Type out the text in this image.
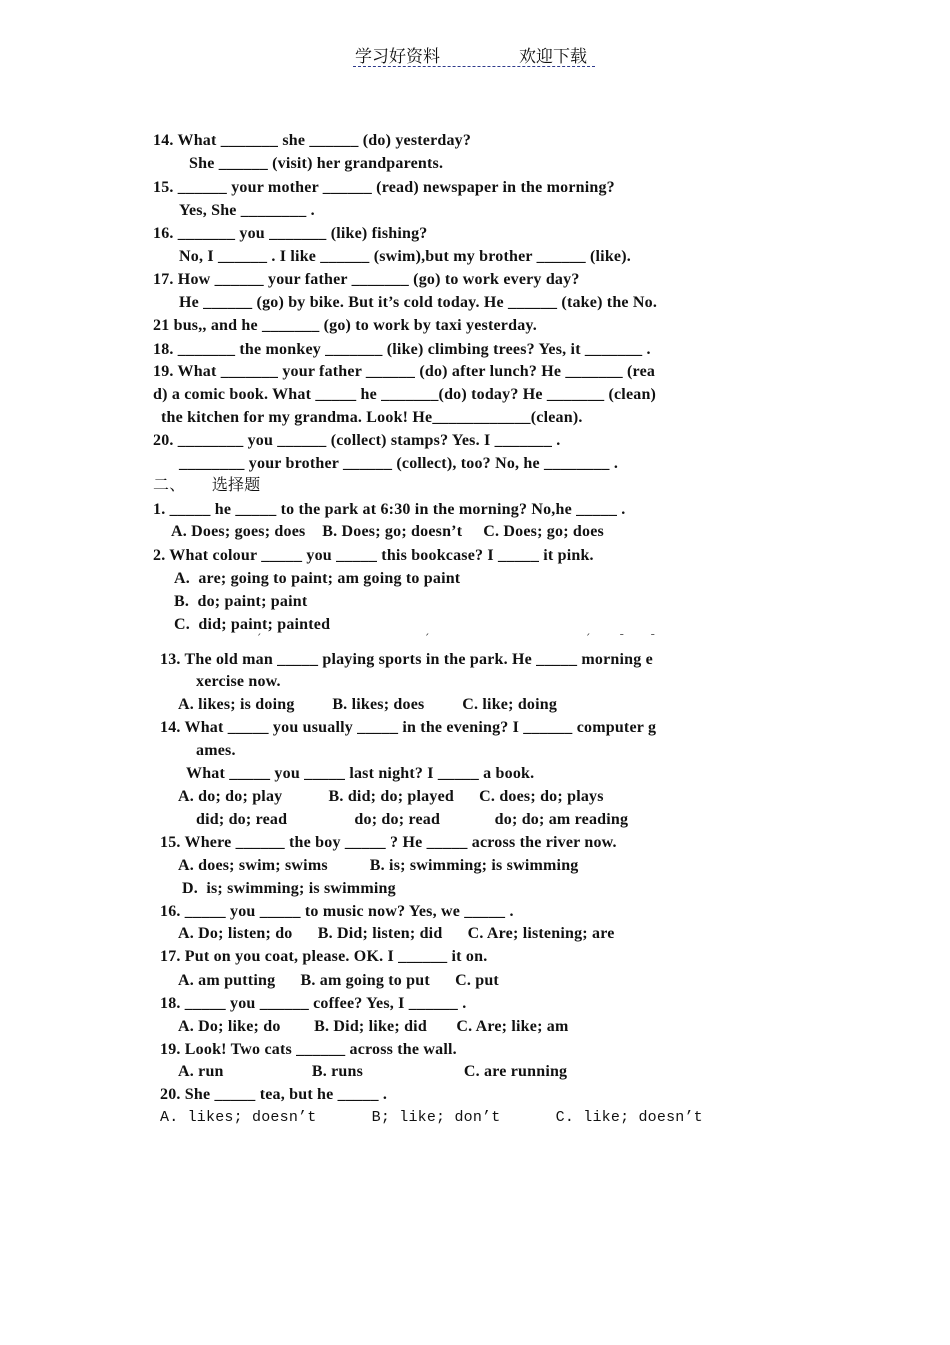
学习好资料	欢迎下载
14. What _______ she ______ (do) yesterday?
She ______ (visit) her grandparents.
15. ______ your mother ______ (read) newspaper in the morning?
Yes, She ________ .
16. _______ you _______ (like) fishing?
No, I ______ . I like ______ (swim),but my brother ______ (like).
17. How ______ your father _______ (go) to work every day?
He ______ (go) by bike. But it’s cold today. He ______ (take) the No.
21 bus,, and he _______ (go) to work by taxi yesterday.
18. _______ the monkey _______ (like) climbing trees? Yes, it _______ .
19. What _______ your father ______ (do) after lunch? He _______ (rea
d) a comic book. What _____ he _______(do) today? He _______ (clean)
the kitchen for my grandma. Look! He____________(clean).
20. ________ you ______ (collect) stamps? Yes. I _______ .
________ your brother ______ (collect), too? No, he ________ .
二、     选择题
1. _____ he _____ to the park at 6:30 in the morning? No,he _____ .
A. Does; goes; does    B. Does; go; doesn’t     C. Does; go; does
2. What colour _____ you _____ this bookcase? I _____ it pink.
A.  are; going to paint; am going to paint
B.  do; paint; paint
C.  did; paint; painted
13. The old man _____ playing sports in the park. He _____ morning e
xercise now.
A. likes; is doing         B. likes; does         C. like; doing
14. What _____ you usually _____ in the evening? I ______ computer g
ames.
What _____ you _____ last night? I _____ a book.
A. do; do; play           B. did; do; played      C. does; do; plays
did; do; read                do; do; read             do; do; am reading
15. Where ______ the boy _____ ? He _____ across the river now.
A. does; swim; swims          B. is; swimming; is swimming
D.  is; swimming; is swimming
16. _____ you _____ to music now? Yes, we _____ .
A. Do; listen; do      B. Did; listen; did      C. Are; listening; are
17. Put on you coat, please. OK. I ______ it on.
A. am putting      B. am going to put      C. put
18. _____ you ______ coffee? Yes, I ______ .
A. Do; like; do        B. Did; like; did       C. Are; like; am
19. Look! Two cats ______ across the wall.
A. run                     B. runs                        C. are running
20. She _____ tea, but he _____ .
A. likes; doesn’t      B; like; don’t      C. like; doesn’t
ˊ	ˊ	ˊ	ˉ ˉ
